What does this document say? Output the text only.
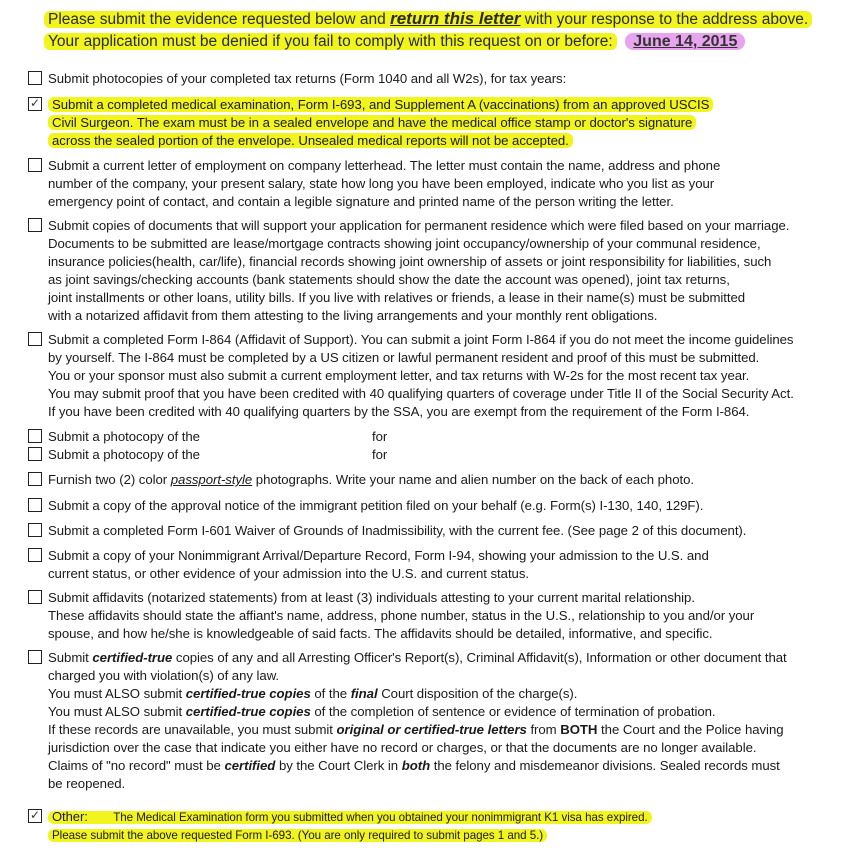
Please submit the evidence requested below and return this letter with your response to the address above.
Your application must be denied if you fail to comply with this request on or before: June 14, 2015
Submit photocopies of your completed tax returns (Form 1040 and all W2s), for tax years:
✓ Submit a completed medical examination, Form I-693, and Supplement A (vaccinations) from an approved USCIS
Civil Surgeon. The exam must be in a sealed envelope and have the medical office stamp or doctor's signature
across the sealed portion of the envelope. Unsealed medical reports will not be accepted.
Submit a current letter of employment on company letterhead. The letter must contain the name, address and phone
number of the company, your present salary, state how long you have been employed, indicate who you list as your
emergency point of contact, and contain a legible signature and printed name of the person writing the letter.
Submit copies of documents that will support your application for permanent residence which were filed based on your marriage.
Documents to be submitted are lease/mortgage contracts showing joint occupancy/ownership of your communal residence,
insurance policies(health, car/life), financial records showing joint ownership of assets or joint responsibility for liabilities, such
as joint savings/checking accounts (bank statements should show the date the account was opened), joint tax returns,
joint installments or other loans, utility bills. If you live with relatives or friends, a lease in their name(s) must be submitted
with a notarized affidavit from them attesting to the living arrangements and your monthly rent obligations.
Submit a completed Form I-864 (Affidavit of Support). You can submit a joint Form I-864 if you do not meet the income guidelines
by yourself. The I-864 must be completed by a US citizen or lawful permanent resident and proof of this must be submitted.
You or your sponsor must also submit a current employment letter, and tax returns with W-2s for the most recent tax year.
You may submit proof that you have been credited with 40 qualifying quarters of coverage under Title II of the Social Security Act.
If you have been credited with 40 qualifying quarters by the SSA, you are exempt from the requirement of the Form I-864.
Submit a photocopy of the	for
Submit a photocopy of the	for
Furnish two (2) color passport-style photographs. Write your name and alien number on the back of each photo.
Submit a copy of the approval notice of the immigrant petition filed on your behalf (e.g. Form(s) I-130, 140, 129F).
Submit a completed Form I-601 Waiver of Grounds of Inadmissibility, with the current fee. (See page 2 of this document).
Submit a copy of your Nonimmigrant Arrival/Departure Record, Form I-94, showing your admission to the U.S. and
current status, or other evidence of your admission into the U.S. and current status.
Submit affidavits (notarized statements) from at least (3) individuals attesting to your current marital relationship.
These affidavits should state the affiant's name, address, phone number, status in the U.S., relationship to you and/or your
spouse, and how he/she is knowledgeable of said facts. The affidavits should be detailed, informative, and specific.
Submit certified-true copies of any and all Arresting Officer's Report(s), Criminal Affidavit(s), Information or other document that
charged you with violation(s) of any law.
You must ALSO submit certified-true copies of the final Court disposition of the charge(s).
You must ALSO submit certified-true copies of the completion of sentence or evidence of termination of probation.
If these records are unavailable, you must submit original or certified-true letters from BOTH the Court and the Police having
jurisdiction over the case that indicate you either have no record or charges, or that the documents are no longer available.
Claims of "no record" must be certified by the Court Clerk in both the felony and misdemeanor divisions. Sealed records must
be reopened.
✓ Other: The Medical Examination form you submitted when you obtained your nonimmigrant K1 visa has expired.
Please submit the above requested Form I-693. (You are only required to submit pages 1 and 5.)
